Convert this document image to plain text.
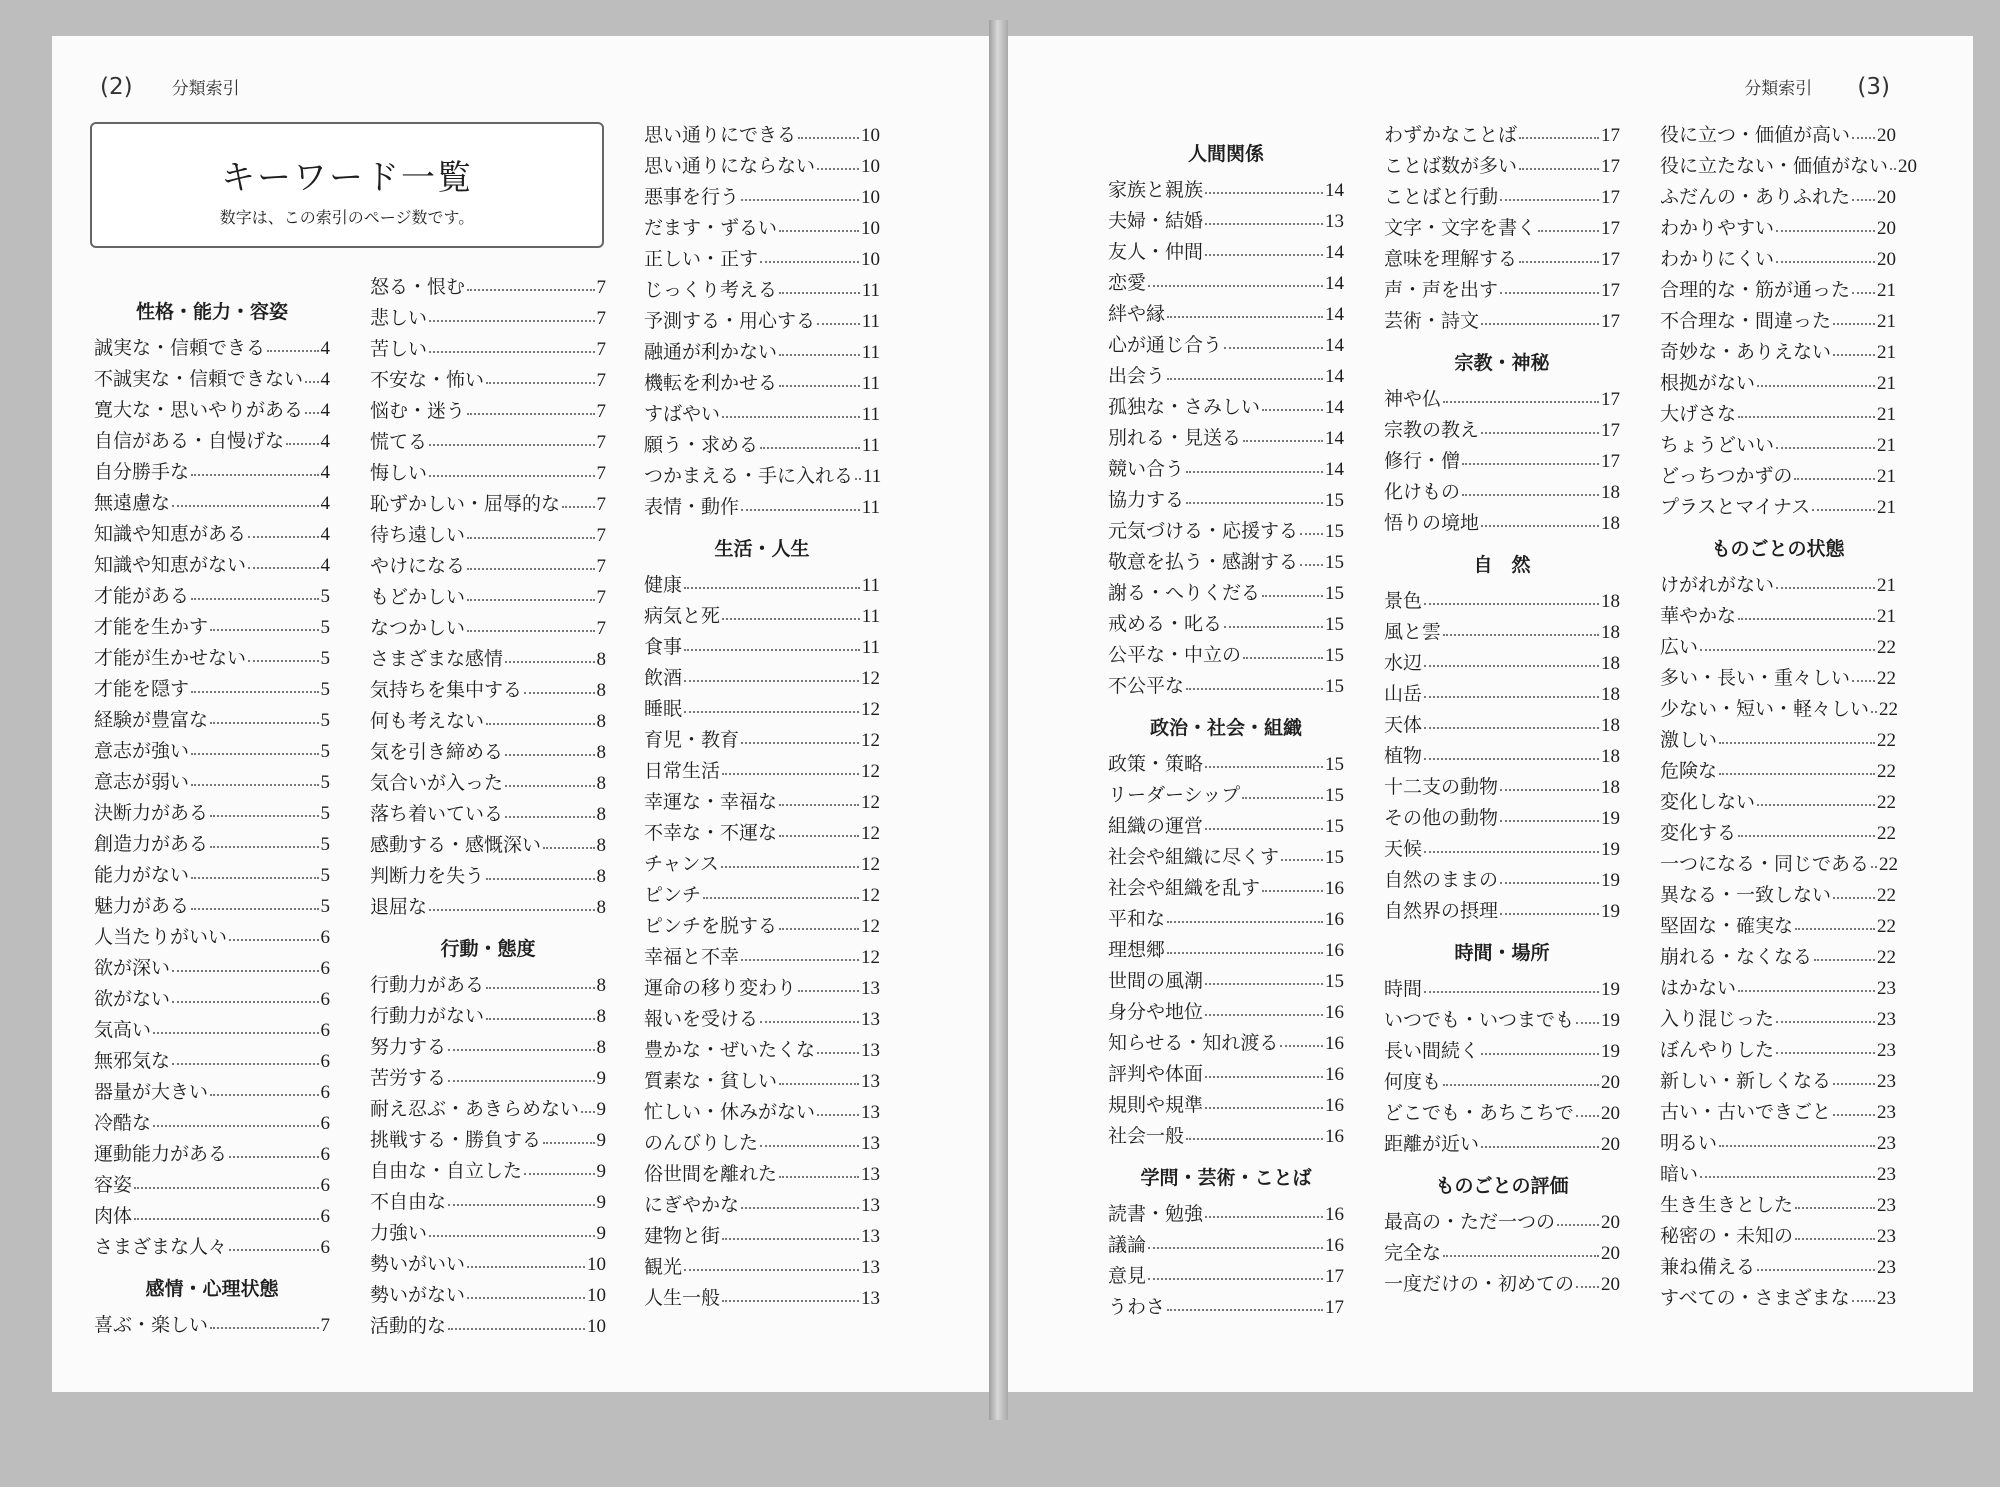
(2) 分類索引	分類索引 (3)
キーワード一覧
数字は、この索引のページ数です。
性格・能力・容姿
誠実な・信頼できる	4
不誠実な・信頼できない 4
寛大な・思いやりがある 4
自信がある・自慢げな 4
自分勝手な	4
無遠慮な	4
知識や知恵がある	4
知識や知恵がない	4
才能がある	5
才能を生かす	5
才能が生かせない	5
才能を隠す	5
経験が豊富な	5
意志が強い	5
意志が弱い	5
決断力がある	5
創造力がある	5
能力がない	5
魅力がある	5
人当たりがいい	6
欲が深い	6
欲がない	6
気高い	6
無邪気な	6
器量が大きい	6
冷酷な	6
運動能力がある	6
容姿	6
肉体	6
さまざまな人々	6
感情・心理状態
喜ぶ・楽しい	7
怒る・恨む	7
悲しい	7
苦しい	7
不安な・怖い	7
悩む・迷う	7
慌てる	7
悔しい	7
恥ずかしい・屈辱的な 7
待ち遠しい	7
やけになる	7
もどかしい	7
なつかしい	7
さまざまな感情	8
気持ちを集中する	8
何も考えない	8
気を引き締める	8
気合いが入った	8
落ち着いている	8
感動する・感慨深い	8
判断力を失う	8
退屈な	8
行動・態度
行動力がある	8
行動力がない	8
努力する	8
苦労する	9
耐え忍ぶ・あきらめない 9
挑戦する・勝負する	9
自由な・自立した	9
不自由な	9
力強い	9
勢いがいい	10
勢いがない	10
活動的な	10
思い通りにできる	10
思い通りにならない 10
悪事を行う	10
だます・ずるい	10
正しい・正す	10
じっくり考える	11
予測する・用心する 11
融通が利かない	11
機転を利かせる	11
すばやい	11
願う・求める	11
つかまえる・手に入れる 11
表情・動作	11
生活・人生
健康	11
病気と死	11
食事	11
飲酒	12
睡眠	12
育児・教育	12
日常生活	12
幸運な・幸福な	12
不幸な・不運な	12
チャンス	12
ピンチ	12
ピンチを脱する	12
幸福と不幸	12
運命の移り変わり	13
報いを受ける	13
豊かな・ぜいたくな 13
質素な・貧しい	13
忙しい・休みがない 13
のんびりした	13
俗世間を離れた	13
にぎやかな	13
建物と街	13
観光	13
人生一般	13
人間関係
家族と親族	14
夫婦・結婚	13
友人・仲間	14
恋愛	14
絆や縁	14
心が通じ合う	14
出会う	14
孤独な・さみしい	14
別れる・見送る	14
競い合う	14
協力する	15
元気づける・応援する 15
敬意を払う・感謝する 15
謝る・へりくだる	15
戒める・叱る	15
公平な・中立の	15
不公平な	15
政治・社会・組織
政策・策略	15
リーダーシップ	15
組織の運営	15
社会や組織に尽くす 15
社会や組織を乱す	16
平和な	16
理想郷	16
世間の風潮	15
身分や地位	16
知らせる・知れ渡る 16
評判や体面	16
規則や規準	16
社会一般	16
学問・芸術・ことば
読書・勉強	16
議論	16
意見	17
うわさ	17
わずかなことば	17
ことば数が多い	17
ことばと行動	17
文字・文字を書く	17
意味を理解する	17
声・声を出す	17
芸術・詩文	17
宗教・神秘
神や仏	17
宗教の教え	17
修行・僧	17
化けもの	18
悟りの境地	18
自　然
景色	18
風と雲	18
水辺	18
山岳	18
天体	18
植物	18
十二支の動物	18
その他の動物	19
天候	19
自然のままの	19
自然界の摂理	19
時間・場所
時間	19
いつでも・いつまでも 19
長い間続く	19
何度も	20
どこでも・あちこちで 20
距離が近い	20
ものごとの評価
最高の・ただ一つの 20
完全な	20
一度だけの・初めての 20
役に立つ・価値が高い 20
役に立たない・価値がない 20
ふだんの・ありふれた 20
わかりやすい	20
わかりにくい	20
合理的な・筋が通った 21
不合理な・間違った 21
奇妙な・ありえない 21
根拠がない	21
大げさな	21
ちょうどいい	21
どっちつかずの	21
プラスとマイナス	21
ものごとの状態
けがれがない	21
華やかな	21
広い	22
多い・長い・重々しい 22
少ない・短い・軽々しい 22
激しい	22
危険な	22
変化しない	22
変化する	22
一つになる・同じである 22
異なる・一致しない 22
堅固な・確実な	22
崩れる・なくなる	22
はかない	23
入り混じった	23
ぼんやりした	23
新しい・新しくなる 23
古い・古いできごと 23
明るい	23
暗い	23
生き生きとした	23
秘密の・未知の	23
兼ね備える	23
すべての・さまざまな 23
